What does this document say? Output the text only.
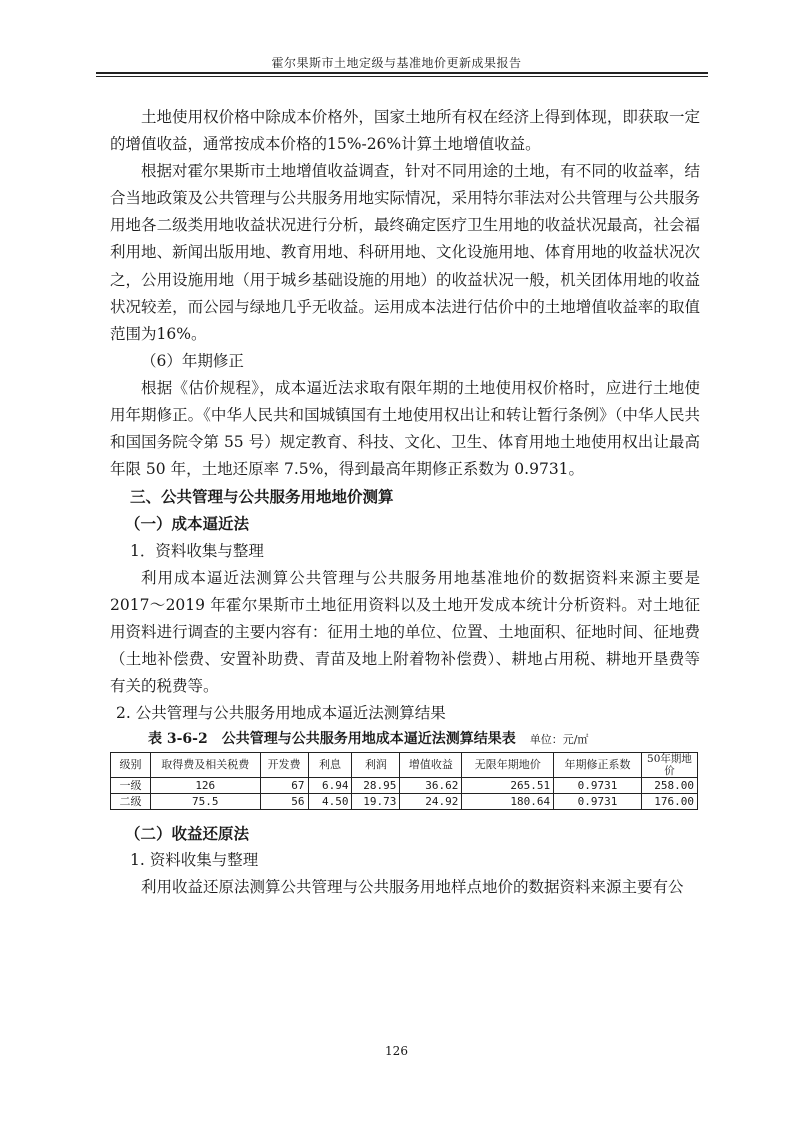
霍尔果斯市土地定级与基准地价更新成果报告

土地使用权价格中除成本价格外，国家土地所有权在经济上得到体现，即获取一定的增值收益，通常按成本价格的15%-26%计算土地增值收益。

根据对霍尔果斯市土地增值收益调查，针对不同用途的土地，有不同的收益率，结合当地政策及公共管理与公共服务用地实际情况，采用特尔菲法对公共管理与公共服务用地各二级类用地收益状况进行分析，最终确定医疗卫生用地的收益状况最高，社会福利用地、新闻出版用地、教育用地、科研用地、文化设施用地、体育用地的收益状况次之，公用设施用地（用于城乡基础设施的用地）的收益状况一般，机关团体用地的收益状况较差，而公园与绿地几乎无收益。运用成本法进行估价中的土地增值收益率的取值范围为16%。

（6）年期修正

根据《估价规程》，成本逼近法求取有限年期的土地使用权价格时，应进行土地使用年期修正。《中华人民共和国城镇国有土地使用权出让和转让暂行条例》（中华人民共和国国务院令第 55 号）规定教育、科技、文化、卫生、体育用地土地使用权出让最高年限 50 年，土地还原率 7.5%，得到最高年期修正系数为 0.9731。

三、公共管理与公共服务用地地价测算

（一）成本逼近法

1．资料收集与整理

利用成本逼近法测算公共管理与公共服务用地基准地价的数据资料来源主要是2017～2019 年霍尔果斯市土地征用资料以及土地开发成本统计分析资料。对土地征用资料进行调查的主要内容有：征用土地的单位、位置、土地面积、征地时间、征地费（土地补偿费、安置补助费、青苗及地上附着物补偿费）、耕地占用税、耕地开垦费等有关的税费等。

2. 公共管理与公共服务用地成本逼近法测算结果

表 3-6-2　公共管理与公共服务用地成本逼近法测算结果表 单位：元/㎡
级别	取得费及相关税费	开发费	利息	利润	增值收益	无限年期地价	年期修正系数	50年期地价
一级	126	67	6.94	28.95	36.62	265.51	0.9731	258.00
二级	75.5	56	4.50	19.73	24.92	180.64	0.9731	176.00

（二）收益还原法

1. 资料收集与整理

利用收益还原法测算公共管理与公共服务用地样点地价的数据资料来源主要有公

126
